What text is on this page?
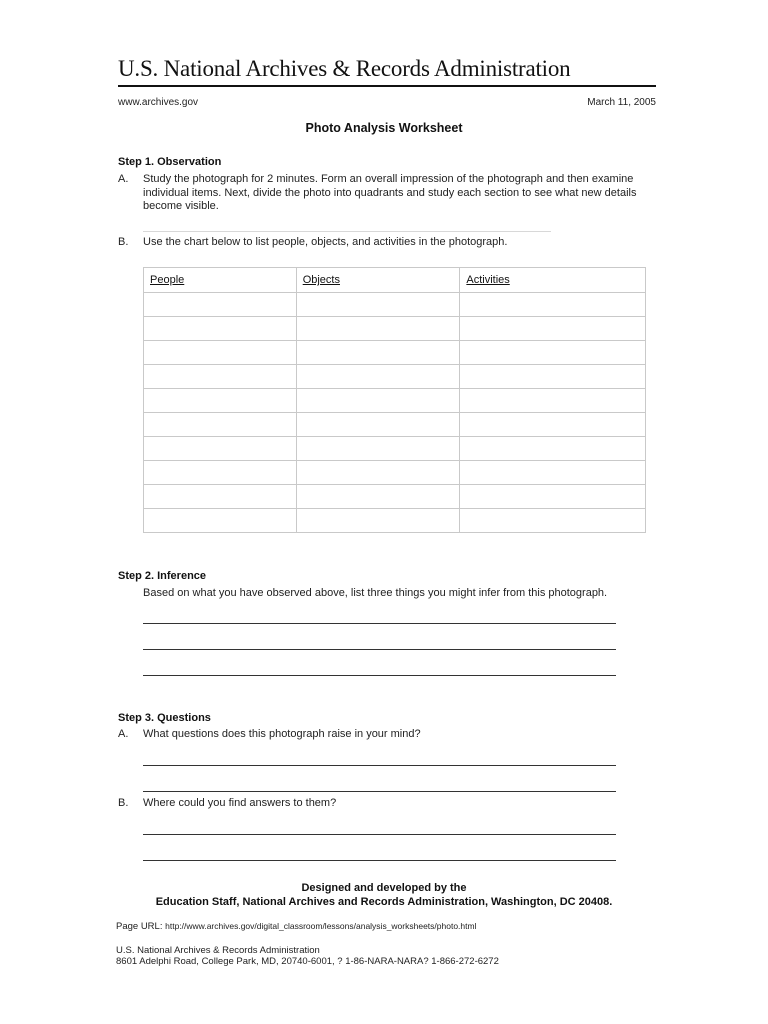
U.S. National Archives & Records Administration
www.archives.gov	March 11, 2005
Photo Analysis Worksheet
Step 1. Observation
A. Study the photograph for 2 minutes. Form an overall impression of the photograph and then examine individual items. Next, divide the photo into quadrants and study each section to see what new details become visible.
B. Use the chart below to list people, objects, and activities in the photograph.
People	Objects	Activities

Step 2. Inference
Based on what you have observed above, list three things you might infer from this photograph.
Step 3. Questions
A. What questions does this photograph raise in your mind?
B. Where could you find answers to them?
Designed and developed by the
Education Staff, National Archives and Records Administration, Washington, DC 20408.
Page URL: http://www.archives.gov/digital_classroom/lessons/analysis_worksheets/photo.html
U.S. National Archives & Records Administration
8601 Adelphi Road, College Park, MD, 20740-6001, ? 1-86-NARA-NARA? 1-866-272-6272
